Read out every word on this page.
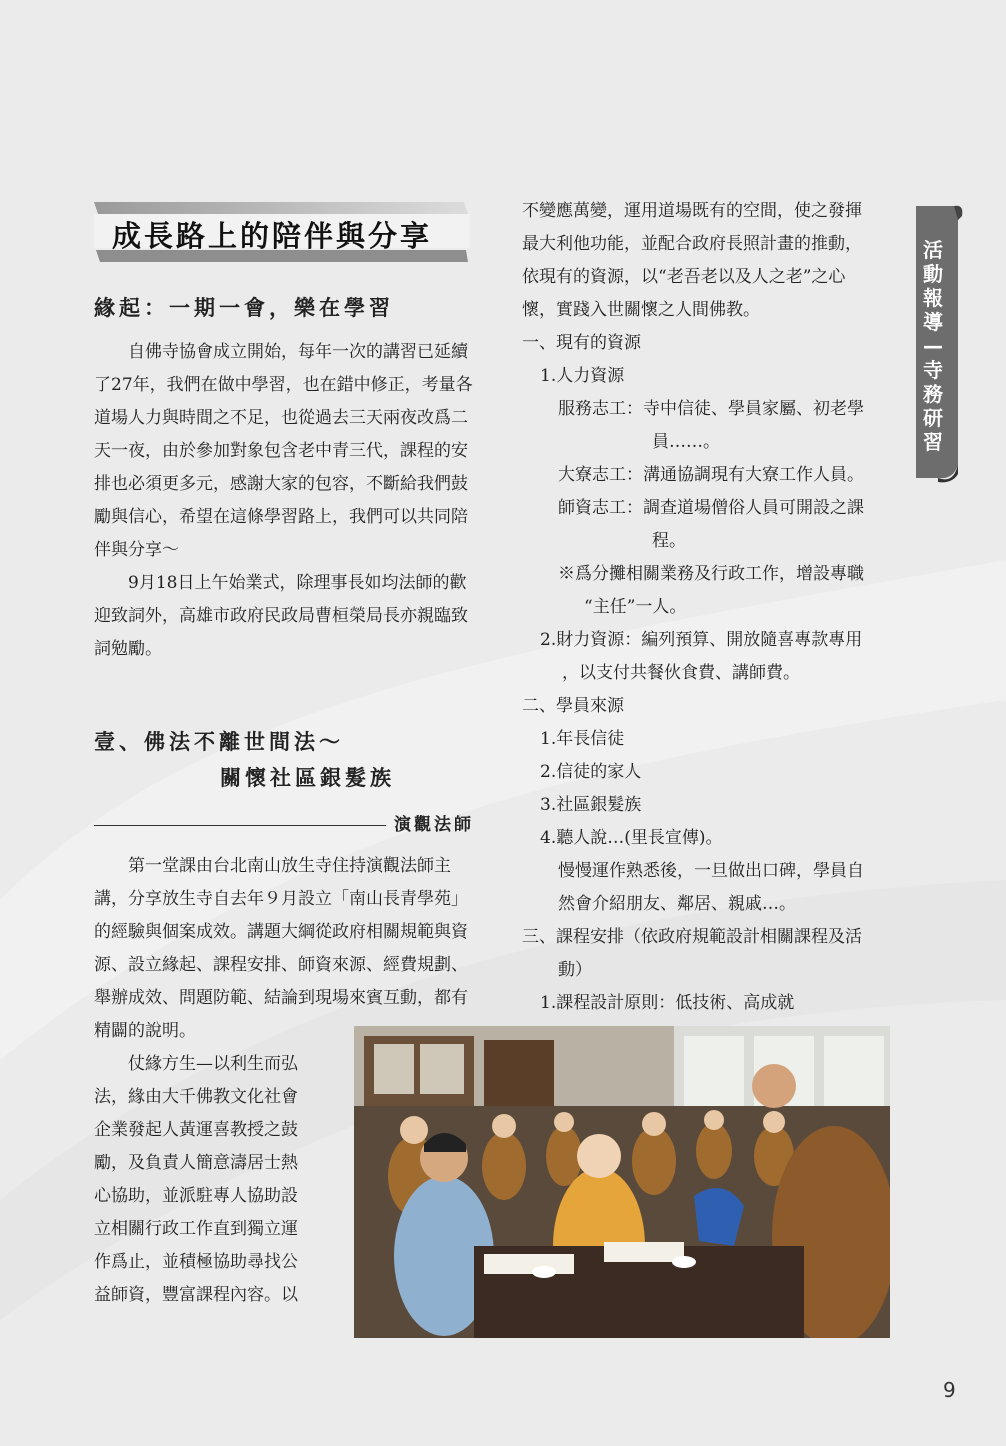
活動報導—寺務研習
成長路上的陪伴與分享
緣起：一期一會，樂在學習
自佛寺協會成立開始，每年一次的講習已延續了27年，我們在做中學習，也在錯中修正，考量各道場人力與時間之不足，也從過去三天兩夜改爲二天一夜，由於參加對象包含老中青三代，課程的安排也必須更多元，感謝大家的包容，不斷給我們鼓勵與信心，希望在這條學習路上，我們可以共同陪伴與分享～
9月18日上午始業式，除理事長如均法師的歡迎致詞外，高雄市政府民政局曹桓榮局長亦親臨致詞勉勵。
壹、佛法不離世間法～
關懷社區銀髮族
演觀法師
第一堂課由台北南山放生寺住持演觀法師主講，分享放生寺自去年９月設立「南山長青學苑」的經驗與個案成效。講題大綱從政府相關規範與資源、設立緣起、課程安排、師資來源、經費規劃、舉辦成效、問題防範、結論到現場來賓互動，都有精闢的說明。
仗緣方生—以利生而弘
法，緣由大千佛教文化社會
企業發起人黃運喜教授之鼓
勵，及負責人簡意濤居士熱
心協助，並派駐專人協助設
立相關行政工作直到獨立運
作爲止，並積極協助尋找公
益師資，豐富課程內容。以
不變應萬變，運用道場既有的空間，使之發揮
最大利他功能，並配合政府長照計畫的推動，
依現有的資源，以“老吾老以及人之老”之心
懷，實踐入世關懷之人間佛教。
一、現有的資源
1.人力資源
服務志工：寺中信徒、學員家屬、初老學
員……。
大寮志工：溝通協調現有大寮工作人員。
師資志工：調查道場僧俗人員可開設之課
程。
※爲分攤相關業務及行政工作，增設專職
“主任”一人。
2.財力資源：編列預算、開放隨喜專款專用
，以支付共餐伙食費、講師費。
二、學員來源
1.年長信徒
2.信徒的家人
3.社區銀髮族
4.聽人說…(里長宣傳)。
慢慢運作熟悉後，一旦做出口碑，學員自
然會介紹朋友、鄰居、親戚…。
三、課程安排（依政府規範設計相關課程及活
動）
1.課程設計原則：低技術、高成就
9
